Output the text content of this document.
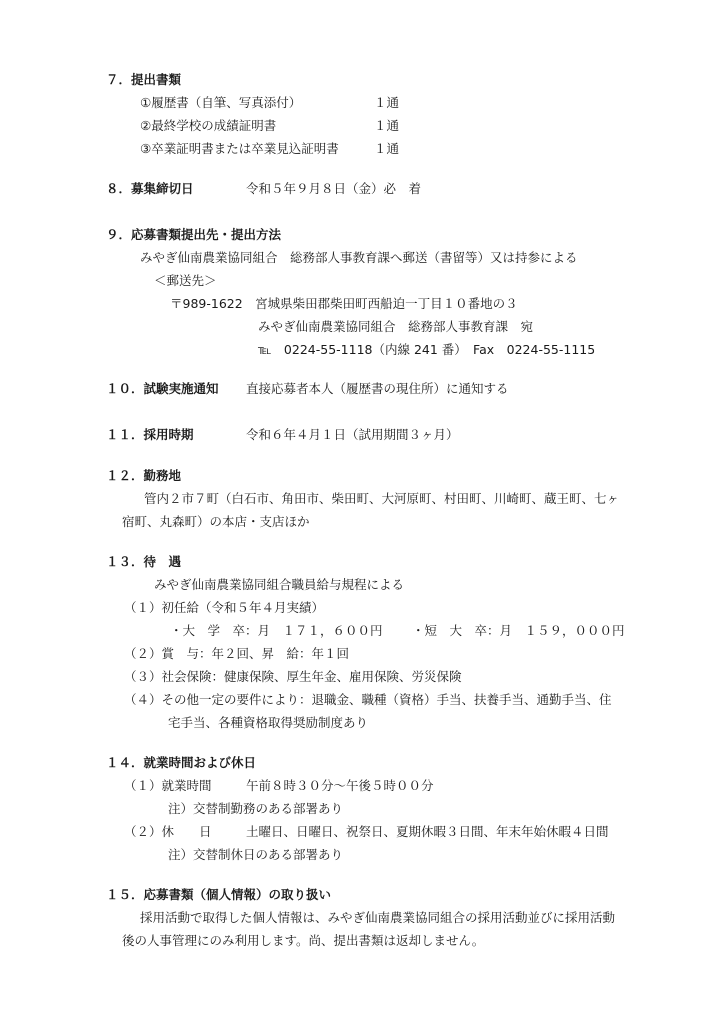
７．提出書類
①履歴書（自筆、写真添付）	１通
②最終学校の成績証明書	１通
③卒業証明書または卒業見込証明書	１通
８．募集締切日	令和５年９月８日（金）必　着
９．応募書類提出先・提出方法
みやぎ仙南農業協同組合　総務部人事教育課へ郵送（書留等）又は持参による
＜郵送先＞
〒989-1622　宮城県柴田郡柴田町西船迫一丁目１０番地の３
みやぎ仙南農業協同組合　総務部人事教育課　宛
℡　0224-55-1118（内線 241 番）　Fax　0224-55-1115
１０．試験実施通知 直接応募者本人（履歴書の現住所）に通知する
１１．採用時期	令和６年４月１日（試用期間３ヶ月）
１２．勤務地
管内２市７町（白石市、角田市、柴田町、大河原町、村田町、川崎町、蔵王町、七ヶ
宿町、丸森町）の本店・支店ほか
１３．待　遇
みやぎ仙南農業協同組合職員給与規程による
（１）初任給（令和５年４月実績）
・大　学　卒：月　１７１，６００円 ・短　大　卒：月　１５９，０００円
（２）賞　与：年２回、昇　給：年１回
（３）社会保険：健康保険、厚生年金、雇用保険、労災保険
（４）その他一定の要件により：退職金、職種（資格）手当、扶養手当、通勤手当、住
宅手当、各種資格取得奨励制度あり
１４．就業時間および休日
（１）就業時間	午前８時３０分～午後５時００分
注）交替制勤務のある部署あり
（２）休　　日	土曜日、日曜日、祝祭日、夏期休暇３日間、年末年始休暇４日間
注）交替制休日のある部署あり
１５．応募書類（個人情報）の取り扱い
採用活動で取得した個人情報は、みやぎ仙南農業協同組合の採用活動並びに採用活動
後の人事管理にのみ利用します。尚、提出書類は返却しません。
